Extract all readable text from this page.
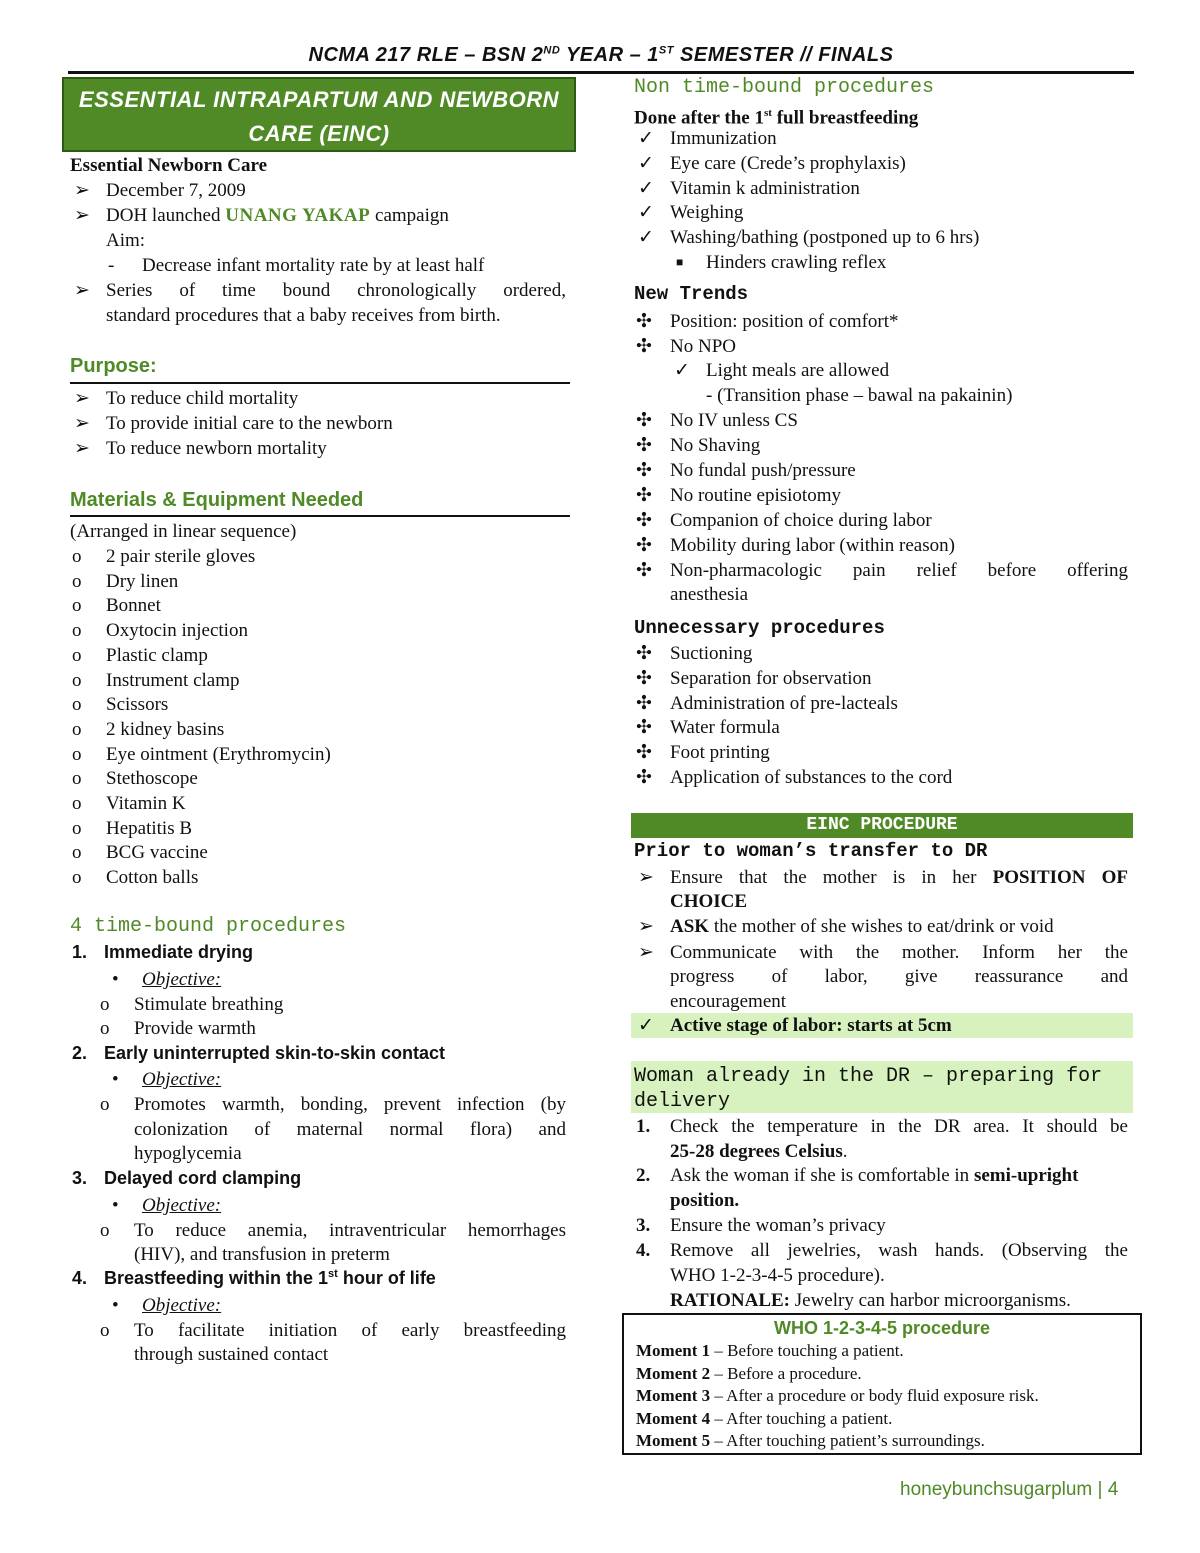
NCMA 217 RLE – BSN 2ND YEAR – 1ST SEMESTER // FINALS
ESSENTIAL INTRAPARTUM AND NEWBORN
CARE (EINC)
Essential Newborn Care
➢ December 7, 2009
➢ DOH launched UNANG YAKAP campaign
Aim:
- Decrease infant mortality rate by at least half
➢ Series of time bound chronologically ordered,
standard procedures that a baby receives from birth.
Purpose:
➢ To reduce child mortality
➢ To provide initial care to the newborn
➢ To reduce newborn mortality
Materials & Equipment Needed
(Arranged in linear sequence)
o 2 pair sterile gloves
o Dry linen
o Bonnet
o Oxytocin injection
o Plastic clamp
o Instrument clamp
o Scissors
o 2 kidney basins
o Eye ointment (Erythromycin)
o Stethoscope
o Vitamin K
o Hepatitis B
o BCG vaccine
o Cotton balls
4 time-bound procedures
1. Immediate drying
• Objective:
o Stimulate breathing
o Provide warmth
2. Early uninterrupted skin-to-skin contact
• Objective:
o Promotes warmth, bonding, prevent infection (by
colonization of maternal normal flora) and
hypoglycemia
3. Delayed cord clamping
• Objective:
o To reduce anemia, intraventricular hemorrhages
(HIV), and transfusion in preterm
4. Breastfeeding within the 1st hour of life
• Objective:
o To facilitate initiation of early breastfeeding
through sustained contact
Non time-bound procedures
Done after the 1st full breastfeeding
✓ Immunization
✓ Eye care (Crede’s prophylaxis)
✓ Vitamin k administration
✓ Weighing
✓ Washing/bathing (postponed up to 6 hrs)
■ Hinders crawling reflex
New Trends
✣ Position: position of comfort*
✣ No NPO
✓ Light meals are allowed
- (Transition phase – bawal na pakainin)
✣ No IV unless CS
✣ No Shaving
✣ No fundal push/pressure
✣ No routine episiotomy
✣ Companion of choice during labor
✣ Mobility during labor (within reason)
✣ Non-pharmacologic pain relief before offering
anesthesia
Unnecessary procedures
✣ Suctioning
✣ Separation for observation
✣ Administration of pre-lacteals
✣ Water formula
✣ Foot printing
✣ Application of substances to the cord
EINC PROCEDURE
Prior to woman’s transfer to DR
➢ Ensure that the mother is in her POSITION OF
CHOICE
➢ ASK the mother of she wishes to eat/drink or void
➢ Communicate with the mother. Inform her the
progress of labor, give reassurance and
encouragement
✓ Active stage of labor: starts at 5cm
Woman already in the DR – preparing for
delivery
1. Check the temperature in the DR area. It should be
25-28 degrees Celsius.
2. Ask the woman if she is comfortable in semi-upright
position.
3. Ensure the woman’s privacy
4. Remove all jewelries, wash hands. (Observing the
WHO 1-2-3-4-5 procedure).
RATIONALE: Jewelry can harbor microorganisms.
WHO 1-2-3-4-5 procedure
Moment 1 – Before touching a patient.
Moment 2 – Before a procedure.
Moment 3 – After a procedure or body fluid exposure risk.
Moment 4 – After touching a patient.
Moment 5 – After touching patient’s surroundings.
honeybunchsugarplum | 4
